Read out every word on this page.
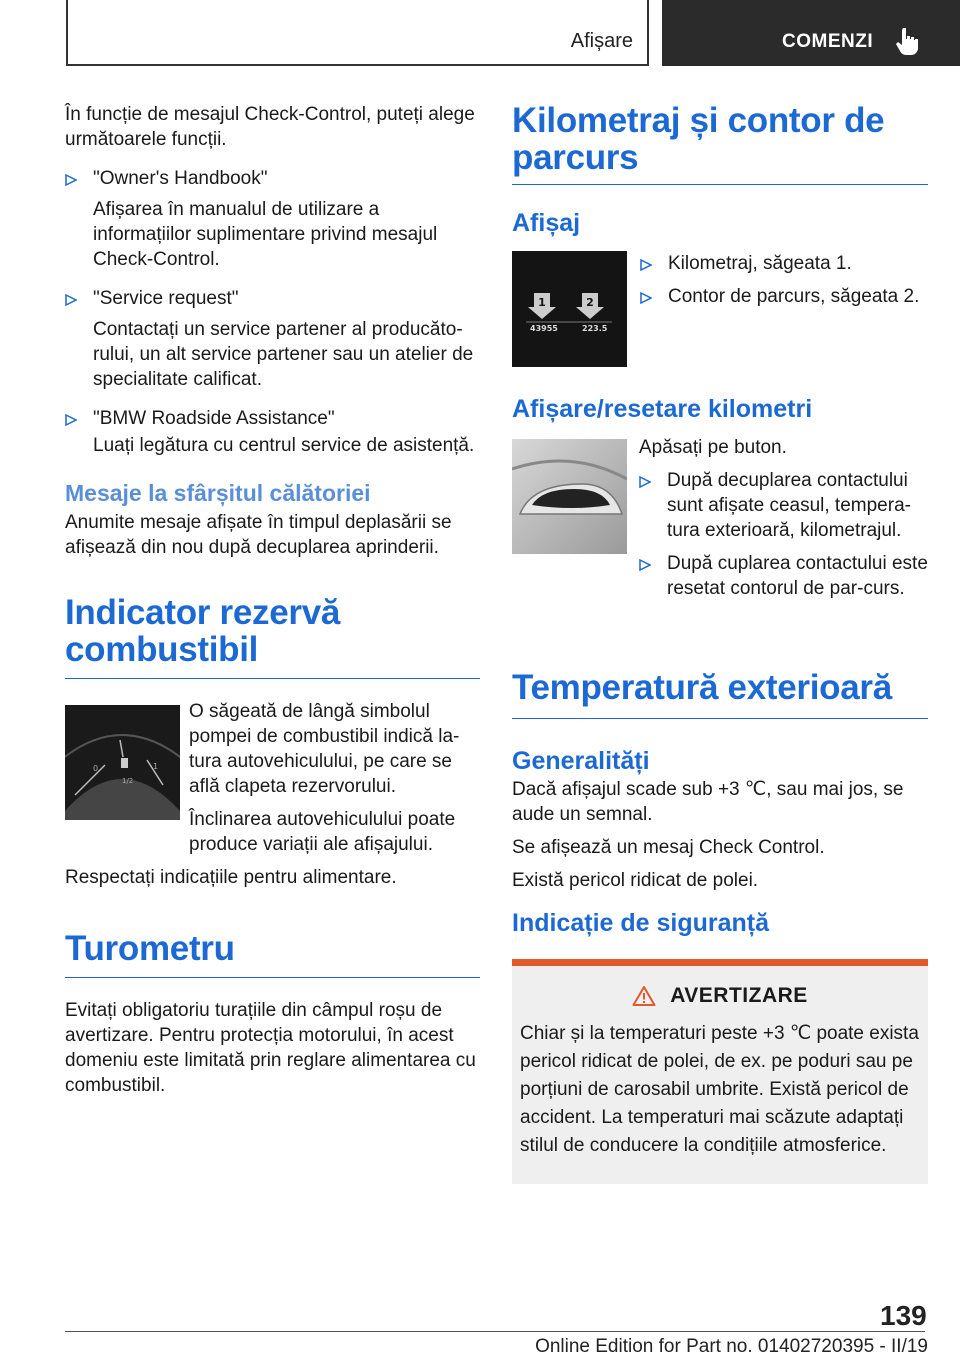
Afișare	COMENZI

În funcție de mesajul Check-Control, puteți alege următoarele funcții.

"Owner's Handbook"
Afișarea în manualul de utilizare a informațiilor suplimentare privind mesajul Check-Control.
"Service request"
Contactați un service partener al producăto-rului, un alt service partener sau un atelier de specialitate calificat.
"BMW Roadside Assistance"
Luați legătura cu centrul service de asistență.
Mesaje la sfârșitul călătoriei

Anumite mesaje afișate în timpul deplasării se afișează din nou după decuplarea aprinderii.

Indicator rezervă
combustibil
0
1/2
1

O săgeată de lângă simbolul pompei de combustibil indică la-tura autovehiculului, pe care se află clapeta rezervorului.

Înclinarea autovehiculului poate produce variații ale afișajului.

Respectați indicațiile pentru alimentare.

Turometru

Evitați obligatoriu turațiile din câmpul roșu de avertizare. Pentru protecția motorului, în acest domeniu este limitată prin reglare alimentarea cu combustibil.

Kilometraj și contor de
parcurs
Afișaj
1	2
43955	223.5
Kilometraj, săgeata 1.
Contor de parcurs, săgeata 2.
Afișare/resetare kilometri

Apăsați pe buton.

După decuplarea contactului sunt afișate ceasul, tempera-tura exterioară, kilometrajul.
După cuplarea contactului este resetat contorul de par-curs.
Temperatură exterioară
Generalități

Dacă afișajul scade sub +3 ℃, sau mai jos, se aude un semnal.

Se afișează un mesaj Check Control.

Există pericol ridicat de polei.

Indicație de siguranță
AVERTIZARE
Chiar și la temperaturi peste +3 ℃ poate exista pericol ridicat de polei, de ex. pe poduri sau pe porțiuni de carosabil umbrite. Există pericol de accident. La temperaturi mai scăzute adaptați stilul de conducere la condițiile atmosferice.
139
Online Edition for Part no. 01402720395 - II/19
